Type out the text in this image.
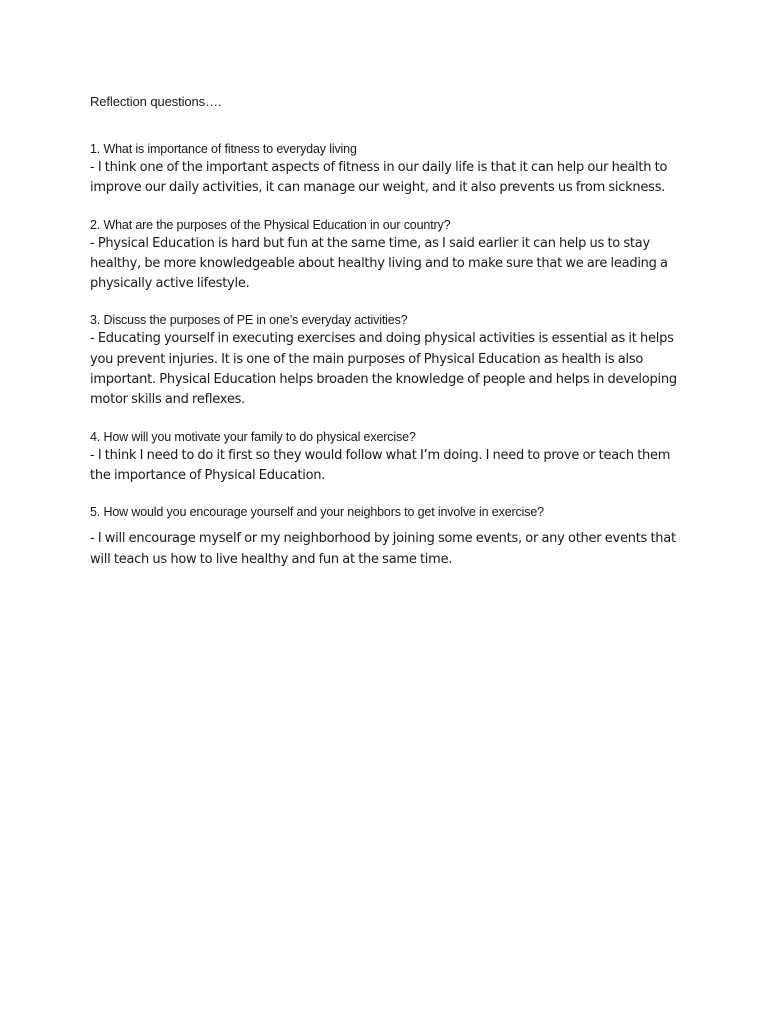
Reflection questions….

1. What is importance of fitness to everyday living

- I think one of the important aspects of fitness in our daily life is that it can help our health to improve our daily activities, it can manage our weight, and it also prevents us from sickness.

2. What are the purposes of the Physical Education in our country?

- Physical Education is hard but fun at the same time, as I said earlier it can help us to stay healthy, be more knowledgeable about healthy living and to make sure that we are leading a physically active lifestyle.

3. Discuss the purposes of PE in one’s everyday activities?

- Educating yourself in executing exercises and doing physical activities is essential as it helps you prevent injuries. It is one of the main purposes of Physical Education as health is also important. Physical Education helps broaden the knowledge of people and helps in developing motor skills and reflexes.

4. How will you motivate your family to do physical exercise?

- I think I need to do it first so they would follow what I’m doing. I need to prove or teach them the importance of Physical Education.

5. How would you encourage yourself and your neighbors to get involve in exercise?

- I will encourage myself or my neighborhood by joining some events, or any other events that will teach us how to live healthy and fun at the same time.
